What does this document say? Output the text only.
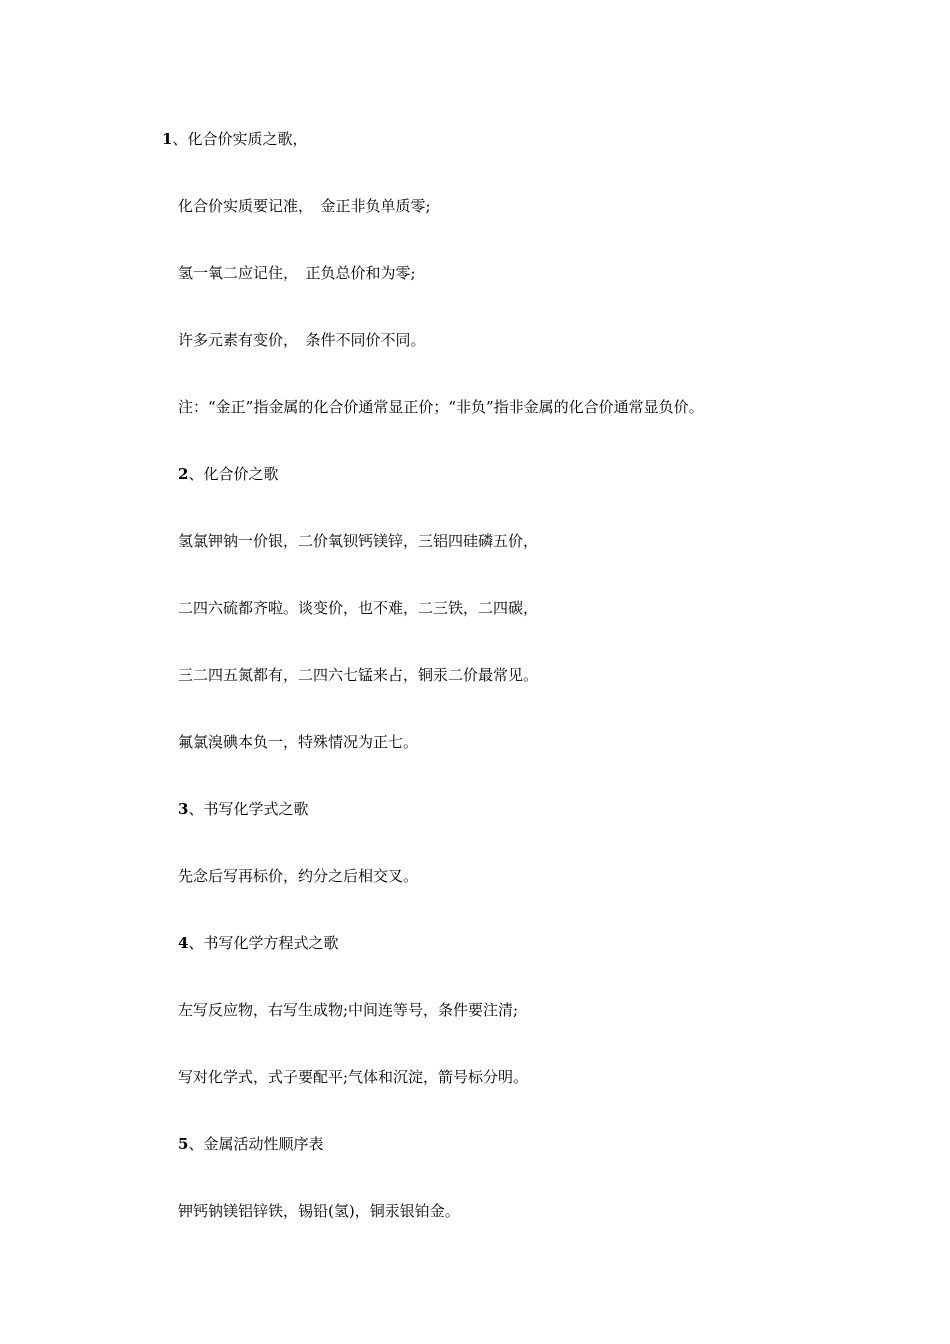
1、化合价实质之歌，
化合价实质要记准，　金正非负单质零;
氢一氧二应记住，　正负总价和为零;
许多元素有变价，　条件不同价不同。
注：“金正”指金属的化合价通常显正价；“非负”指非金属的化合价通常显负价。
2、化合价之歌
氢氯钾钠一价银，二价氧钡钙镁锌，三铝四硅磷五价，
二四六硫都齐啦。谈变价，也不难，二三铁，二四碳，
三二四五氮都有，二四六七锰来占，铜汞二价最常见。
氟氯溴碘本负一，特殊情况为正七。
3、书写化学式之歌
先念后写再标价，约分之后相交叉。
4、书写化学方程式之歌
左写反应物，右写生成物;中间连等号，条件要注清;
写对化学式，式子要配平;气体和沉淀，箭号标分明。
5、金属活动性顺序表
钾钙钠镁铝锌铁，锡铅(氢)，铜汞银铂金。
